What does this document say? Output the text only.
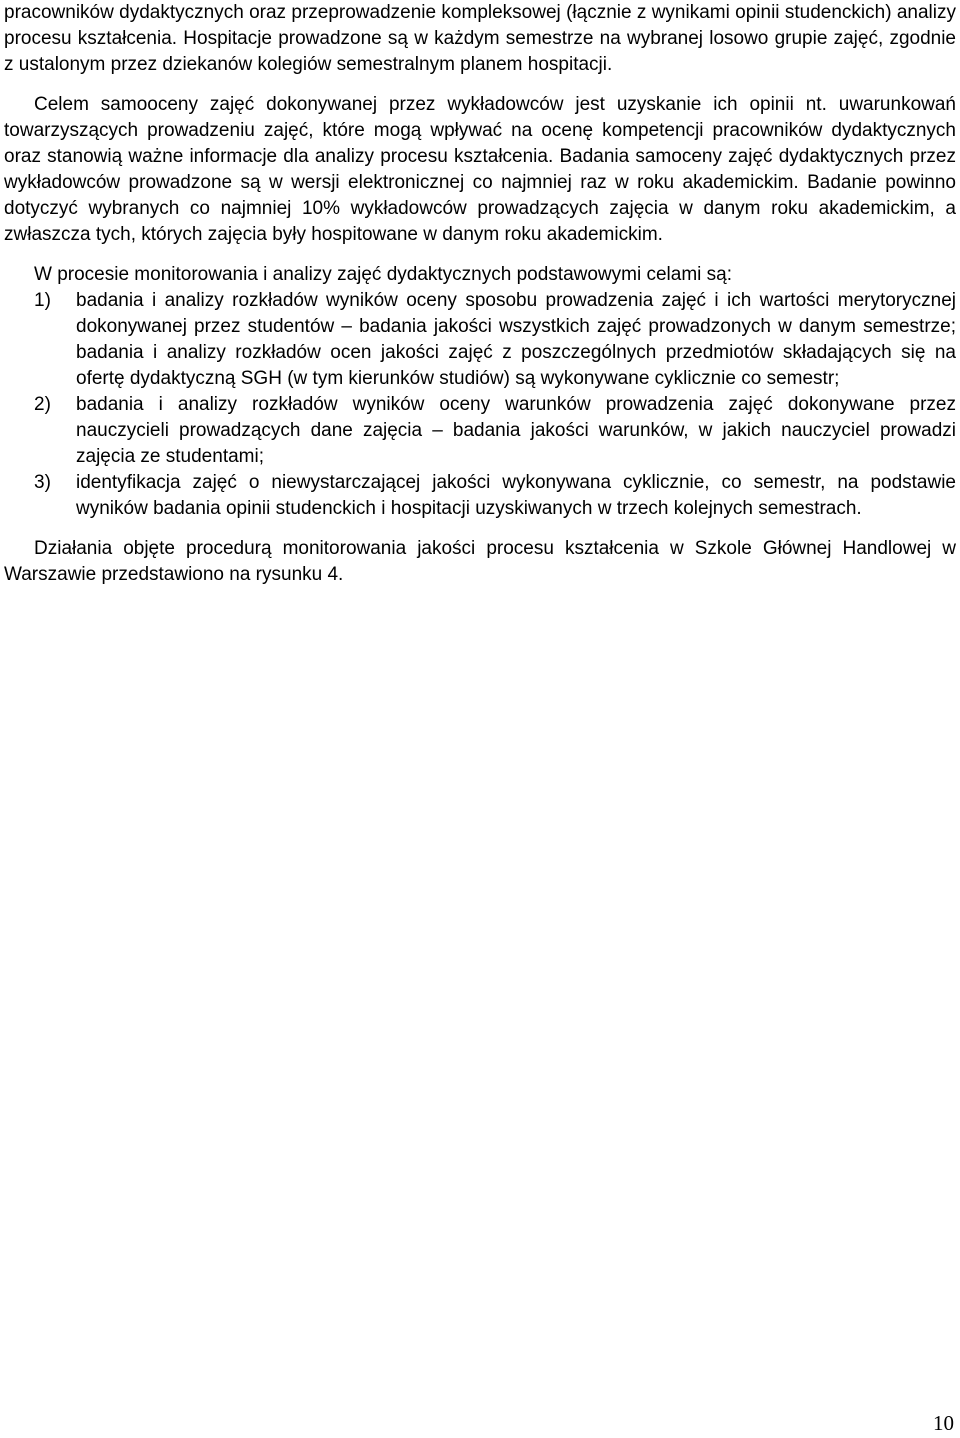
pracowników dydaktycznych oraz przeprowadzenie kompleksowej (łącznie z wynikami opinii studenckich) analizy procesu kształcenia. Hospitacje prowadzone są w każdym semestrze na wybranej losowo grupie zajęć, zgodnie z ustalonym przez dziekanów kolegiów semestralnym planem hospitacji.

Celem samooceny zajęć dokonywanej przez wykładowców jest uzyskanie ich opinii nt. uwarunkowań towarzyszących prowadzeniu zajęć, które mogą wpływać na ocenę kompetencji pracowników dydaktycznych oraz stanowią ważne informacje dla analizy procesu kształcenia. Badania samoceny zajęć dydaktycznych przez wykładowców prowadzone są w wersji elektronicznej co najmniej raz w roku akademickim. Badanie powinno dotyczyć wybranych co najmniej 10% wykładowców prowadzących zajęcia w danym roku akademickim, a zwłaszcza tych, których zajęcia były hospitowane w danym roku akademickim.

W procesie monitorowania i analizy zajęć dydaktycznych podstawowymi celami są:

1)	badania i analizy rozkładów wyników oceny sposobu prowadzenia zajęć i ich wartości merytorycznej dokonywanej przez studentów – badania jakości wszystkich zajęć prowadzonych w danym semestrze; badania i analizy rozkładów ocen jakości zajęć z poszczególnych przedmiotów składających się na ofertę dydaktyczną SGH (w tym kierunków studiów) są wykonywane cyklicznie co semestr;
2)	badania i analizy rozkładów wyników oceny warunków prowadzenia zajęć dokonywane przez nauczycieli prowadzących dane zajęcia – badania jakości warunków, w jakich nauczyciel prowadzi zajęcia ze studentami;
3)	identyfikacja zajęć o niewystarczającej jakości wykonywana cyklicznie, co semestr, na podstawie wyników badania opinii studenckich i hospitacji uzyskiwanych w trzech kolejnych semestrach.

Działania objęte procedurą monitorowania jakości procesu kształcenia w Szkole Głównej Handlowej w Warszawie przedstawiono na rysunku 4.

10
